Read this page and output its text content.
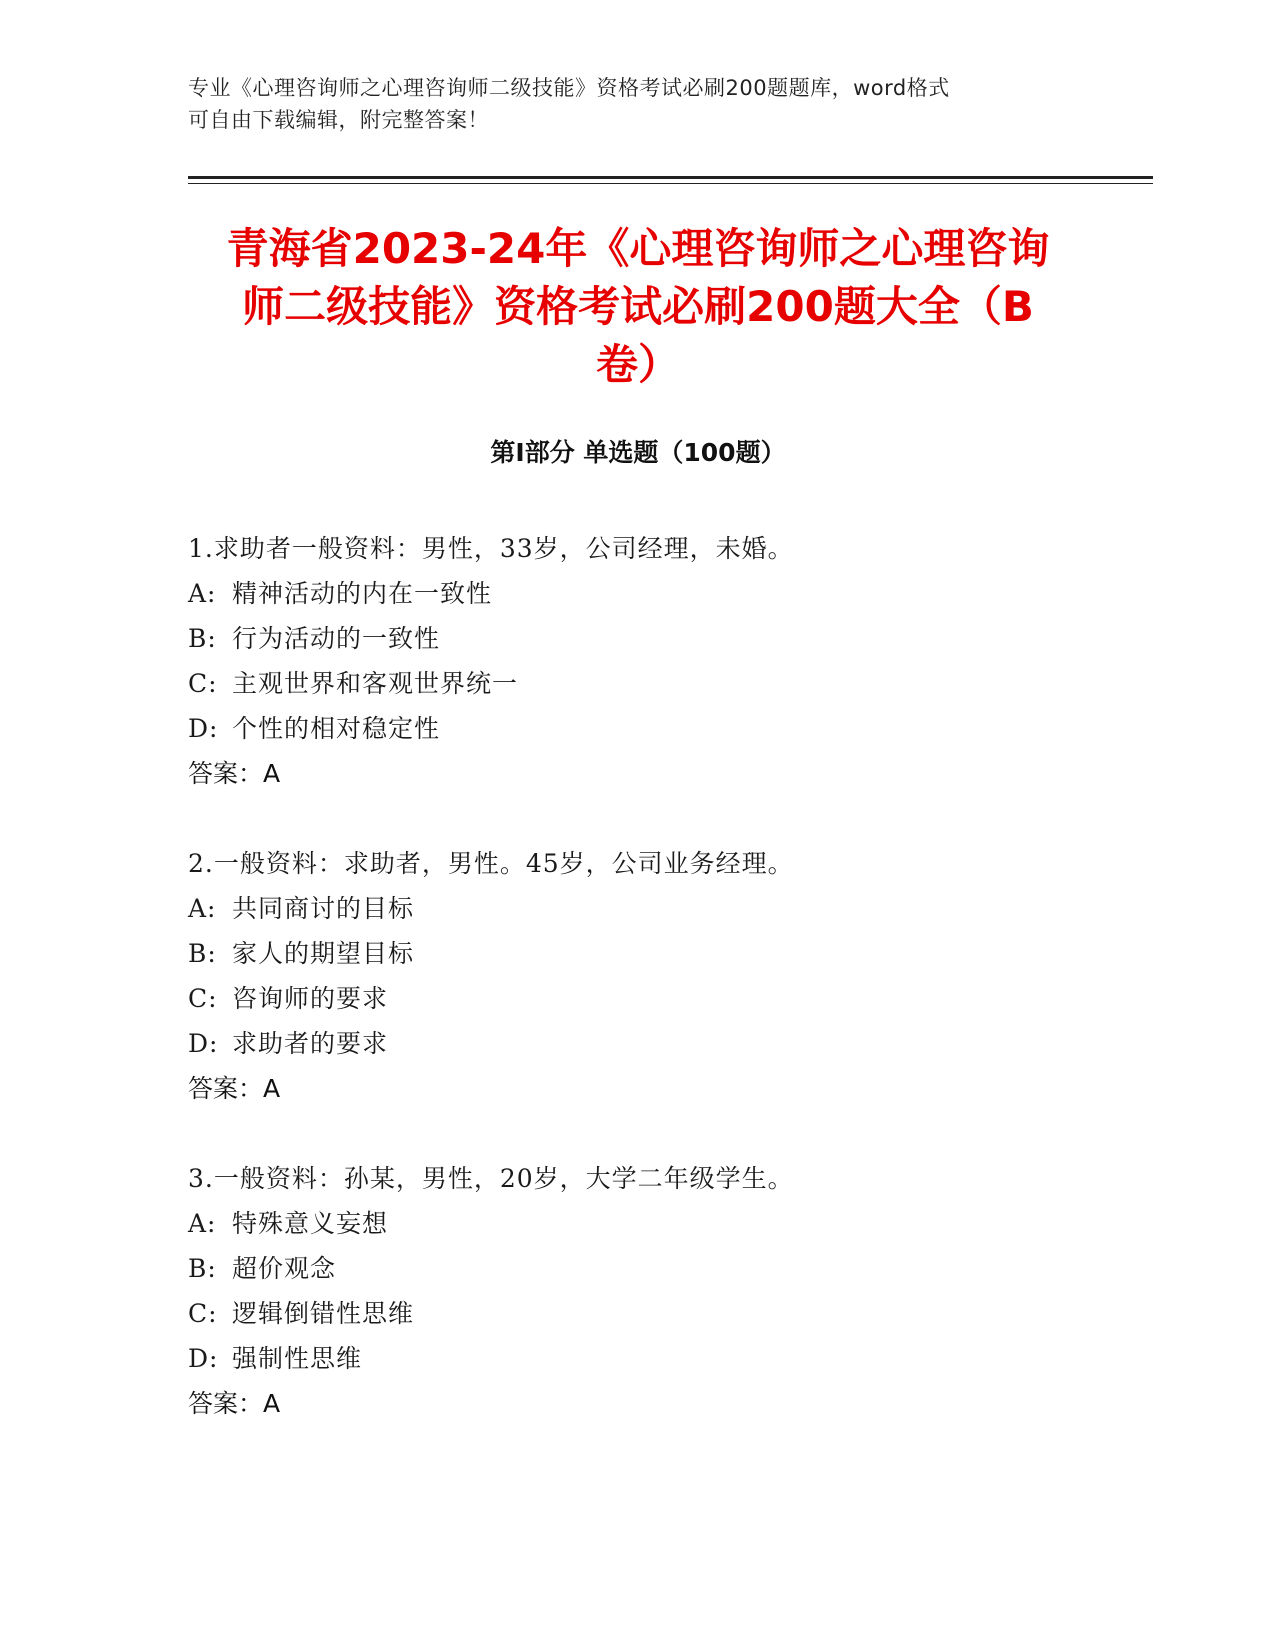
专业《心理咨询师之心理咨询师二级技能》资格考试必刷200题题库，word格式
可自由下载编辑，附完整答案！
青海省2023-24年《心理咨询师之心理咨询
师二级技能》资格考试必刷200题大全（B
卷）
第Ⅰ部分 单选题（100题）
1.求助者一般资料：男性，33岁，公司经理，未婚。
A: 精神活动的内在一致性
B: 行为活动的一致性
C: 主观世界和客观世界统一
D: 个性的相对稳定性
答案：A
2.一般资料：求助者，男性。45岁，公司业务经理。
A: 共同商讨的目标
B: 家人的期望目标
C: 咨询师的要求
D: 求助者的要求
答案：A
3.一般资料：孙某，男性，20岁，大学二年级学生。
A: 特殊意义妄想
B: 超价观念
C: 逻辑倒错性思维
D: 强制性思维
答案：A
